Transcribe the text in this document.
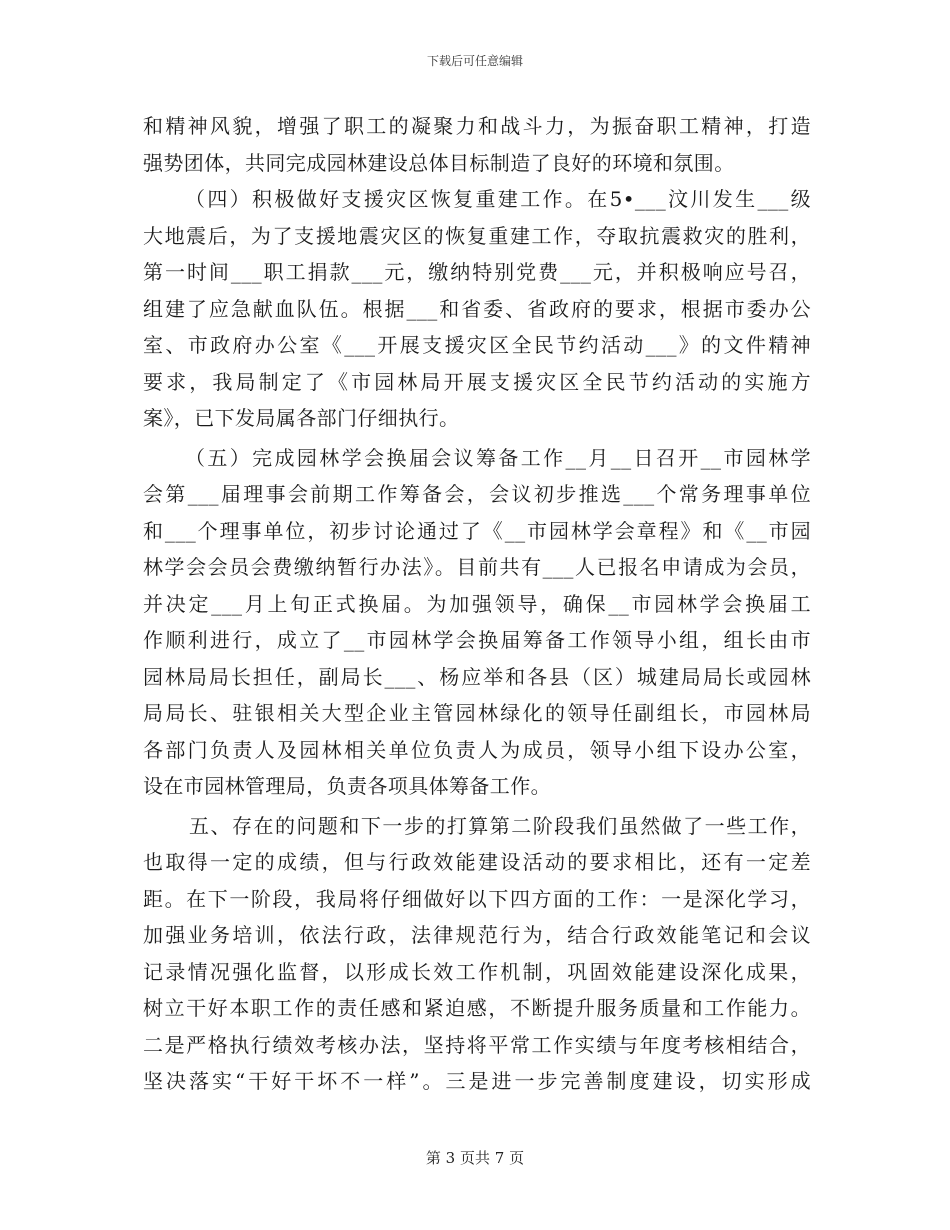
下载后可任意编辑
和精神风貌，增强了职工的凝聚力和战斗力，为振奋职工精神，打造
强势团体，共同完成园林建设总体目标制造了良好的环境和氛围。
（四）积极做好支援灾区恢复重建工作。在5•___汶川发生___级
大地震后，为了支援地震灾区的恢复重建工作，夺取抗震救灾的胜利，
第一时间___职工捐款___元，缴纳特别党费___元，并积极响应号召，
组建了应急献血队伍。根据___和省委、省政府的要求，根据市委办公
室、市政府办公室《___开展支援灾区全民节约活动___》的文件精神
要求，我局制定了《市园林局开展支援灾区全民节约活动的实施方
案》，已下发局属各部门仔细执行。
（五）完成园林学会换届会议筹备工作__月__日召开__市园林学
会第___届理事会前期工作筹备会，会议初步推选___个常务理事单位
和___个理事单位，初步讨论通过了《__市园林学会章程》和《__市园
林学会会员会费缴纳暂行办法》。目前共有___人已报名申请成为会员，
并决定___月上旬正式换届。为加强领导，确保__市园林学会换届工
作顺利进行，成立了__市园林学会换届筹备工作领导小组，组长由市
园林局局长担任，副局长___、杨应举和各县（区）城建局局长或园林
局局长、驻银相关大型企业主管园林绿化的领导任副组长，市园林局
各部门负责人及园林相关单位负责人为成员，领导小组下设办公室，
设在市园林管理局，负责各项具体筹备工作。
五、存在的问题和下一步的打算第二阶段我们虽然做了一些工作，
也取得一定的成绩，但与行政效能建设活动的要求相比，还有一定差
距。在下一阶段，我局将仔细做好以下四方面的工作：一是深化学习，
加强业务培训，依法行政，法律规范行为，结合行政效能笔记和会议
记录情况强化监督，以形成长效工作机制，巩固效能建设深化成果，
树立干好本职工作的责任感和紧迫感，不断提升服务质量和工作能力。
二是严格执行绩效考核办法，坚持将平常工作实绩与年度考核相结合，
坚决落实“干好干坏不一样”。三是进一步完善制度建设，切实形成
第 3 页共 7 页
